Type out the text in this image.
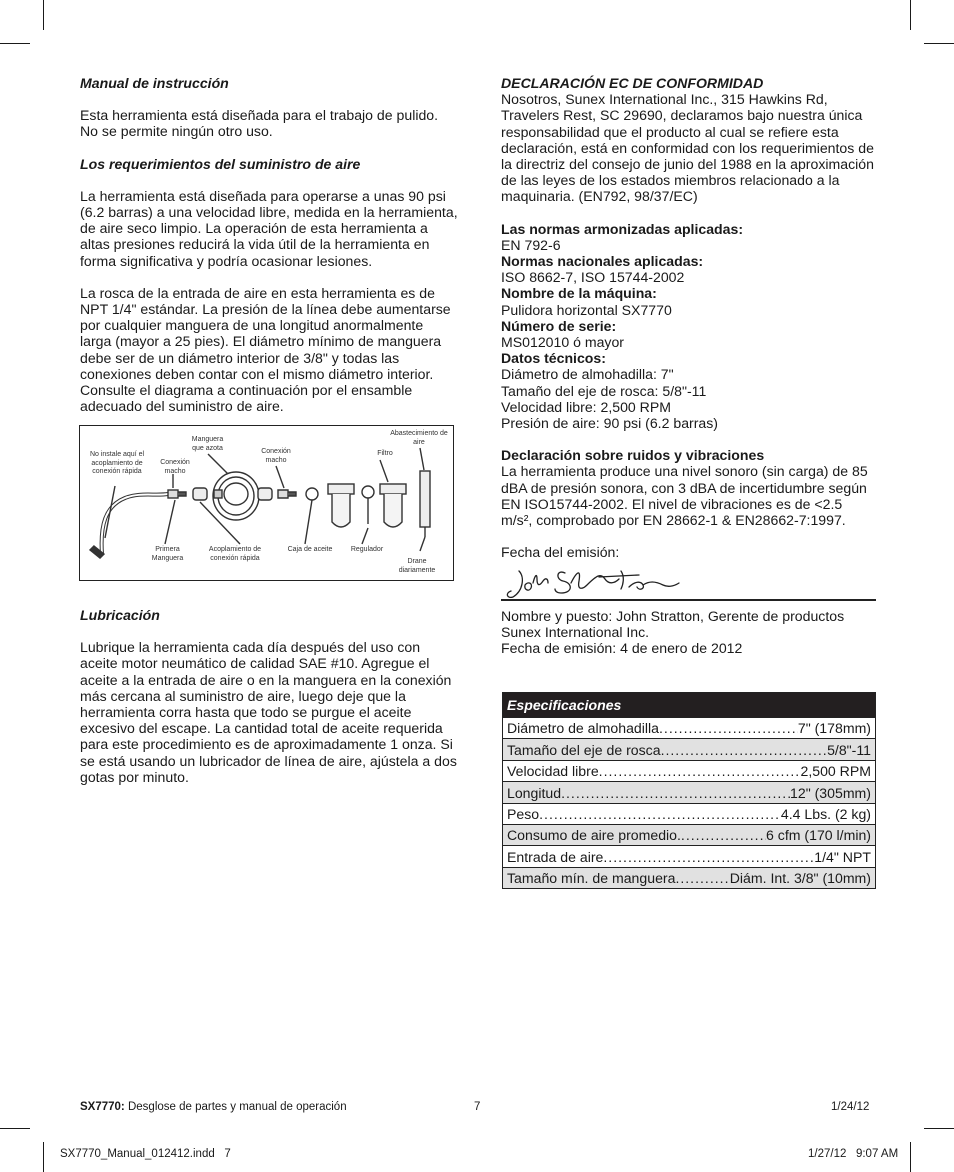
Manual de instrucción

Esta herramienta está diseñada para el trabajo de pulido. No se permite ningún otro uso.

Los requerimientos del suministro de aire

La herramienta está diseñada para operarse a unas 90 psi (6.2 barras) a una velocidad libre, medida en la herramienta, de aire seco limpio. La operación de esta herramienta a altas presiones reducirá la vida útil de la herramienta en forma significativa y podría ocasionar lesiones.

La rosca de la entrada de aire en esta herramienta es de NPT 1/4" estándar. La presión de la línea debe aumentarse por cualquier manguera de una longitud anormalmente larga (mayor a 25 pies). El diámetro mínimo de manguera debe ser de un diámetro interior de 3/8" y todas las conexiones deben contar con el mismo diámetro interior. Consulte el diagrama a continuación por el ensamble adecuado del suministro de aire.

No instale aquí el acoplamiento de conexión rápida
Conexión macho
Manguera que azota	Conexión macho
Abastecimiento de aire
Filtro
Primera Manguera
Acoplamiento de conexión rápida
Caja de aceite	Regulador
Drane diariamente
Lubricación

Lubrique la herramienta cada día después del uso con aceite motor neumático de calidad SAE #10. Agregue el aceite a la entrada de aire o en la manguera en la conexión más cercana al suministro de aire, luego deje que la herramienta corra hasta que todo se purgue el aceite excesivo del escape. La cantidad total de aceite requerida para este procedimiento es de aproximadamente 1 onza. Si se está usando un lubricador de línea de aire, ajústela a dos gotas por minuto.

DECLARACIÓN EC DE CONFORMIDAD

Nosotros, Sunex International Inc., 315 Hawkins Rd, Travelers Rest, SC 29690, declaramos bajo nuestra única responsabilidad que el producto al cual se refiere esta declaración, está en conformidad con los requerimientos de la directriz del consejo de junio del 1988 en la aproximación de las leyes de los estados miembros relacionado a la maquinaria. (EN792, 98/37/EC)

Las normas armonizadas aplicadas:
EN 792-6
Normas nacionales aplicadas:
ISO 8662-7, ISO 15744-2002
Nombre de la máquina:
Pulidora horizontal SX7770
Número de serie:
MS012010 ó mayor
Datos técnicos:
Diámetro de almohadilla: 7"
Tamaño del eje de rosca: 5/8"-11
Velocidad libre: 2,500 RPM
Presión de aire: 90 psi (6.2 barras)
Declaración sobre ruidos y vibraciones

La herramienta produce una nivel sonoro (sin carga) de 85 dBA de presión sonora, con 3 dBA de incertidumbre según EN ISO15744-2002. El nivel de vibraciones es de <2.5 m/s², comprobado por EN 28662-1 & EN28662-7:1997.

Fecha del emisión:
Nombre y puesto: John Stratton, Gerente de productos
Sunex International Inc.
Fecha de emisión: 4 de enero de 2012
Especificaciones
Diámetro de almohadilla .....	7" (178mm)
Tamaño del eje de rosca .....	5/8"-11
Velocidad libre .....	2,500 RPM
Longitud .....	12" (305mm)
Peso .....	4.4 Lbs. (2 kg)
Consumo de aire promedio. .....	6 cfm (170 l/min)
Entrada de aire .....	1/4" NPT
Tamaño mín. de manguera .....	Diám. Int. 3/8" (10mm)
SX7770: Desglose de partes y manual de operación	7	1/24/12
SX7770_Manual_012412.indd   7	1/27/12   9:07 AM
